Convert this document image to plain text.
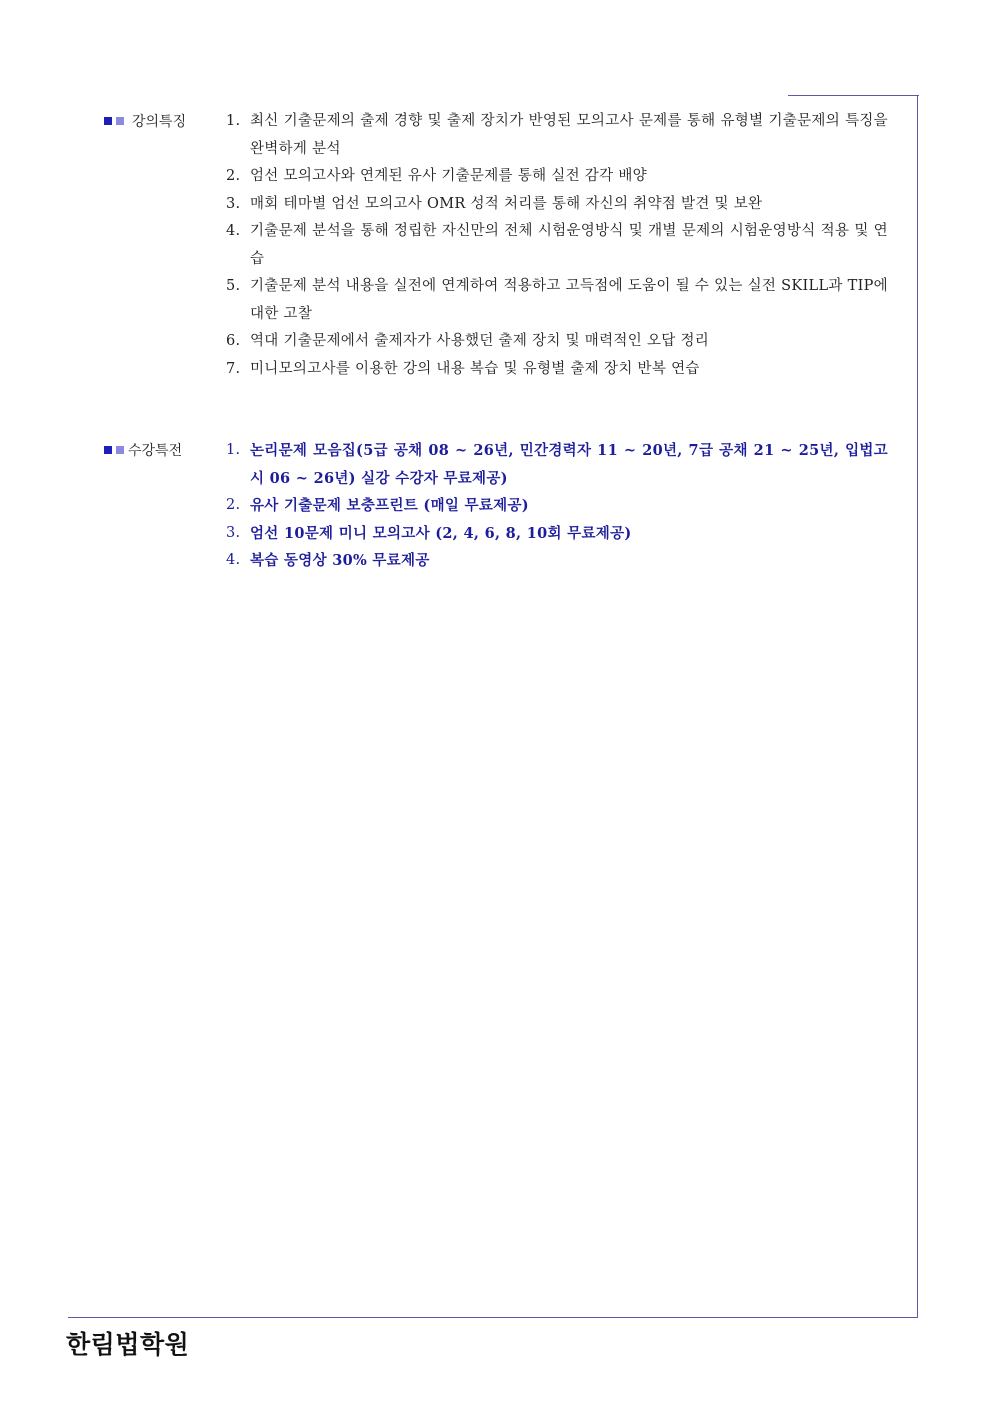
강의특징	1. 최신 기출문제의 출제 경향 및 출제 장치가 반영된 모의고사 문제를 통해 유형별 기출문제의 특징을 완벽하게 분석
2. 엄선 모의고사와 연계된 유사 기출문제를 통해 실전 감각 배양
3. 매회 테마별 엄선 모의고사 OMR 성적 처리를 통해 자신의 취약점 발견 및 보완
4. 기출문제 분석을 통해 정립한 자신만의 전체 시험운영방식 및 개별 문제의 시험운영방식 적용 및 연습
5. 기출문제 분석 내용을 실전에 연계하여 적용하고 고득점에 도움이 될 수 있는 실전 SKILL과 TIP에 대한 고찰
6. 역대 기출문제에서 출제자가 사용했던 출제 장치 및 매력적인 오답 정리
7. 미니모의고사를 이용한 강의 내용 복습 및 유형별 출제 장치 반복 연습
수강특전	1. 논리문제 모음집(5급 공채 08 ~ 26년, 민간경력자 11 ~ 20년, 7급 공채 21 ~ 25년, 입법고시 06 ~ 26년) 실강 수강자 무료제공)
2. 유사 기출문제 보충프린트 (매일 무료제공)
3. 엄선 10문제 미니 모의고사 (2, 4, 6, 8, 10회 무료제공)
4. 복습 동영상 30% 무료제공
한림법학원
